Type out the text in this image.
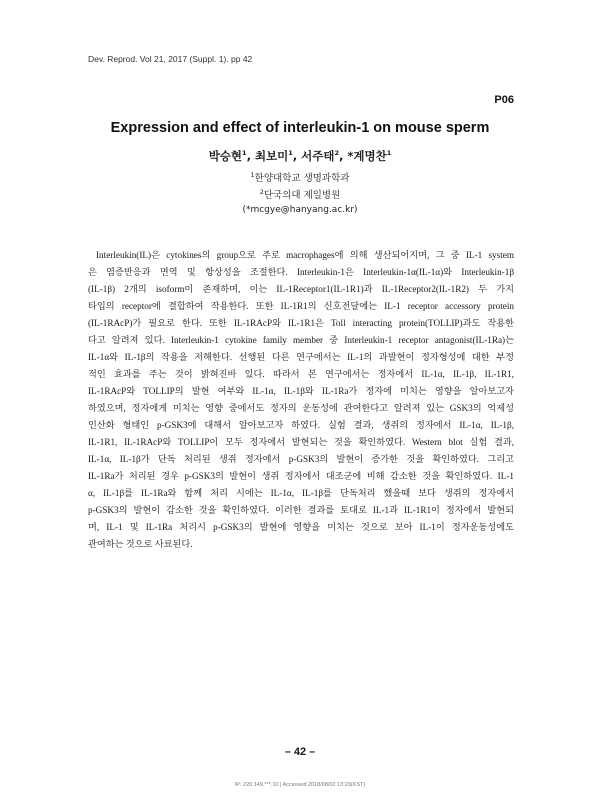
Dev. Reprod. Vol 21, 2017 (Suppl. 1). pp 42
P06
Expression and effect of interleukin-1 on mouse sperm
박승현$^1$, 최보미$^1$, 서주태$^2$, *계명찬$^1$
$^1$한양대학교 생명과학과
$^2$단국의대 제일병원
(*mcgye@hanyang.ac.kr)
Interleukin(IL)은 cytokines의 group으로 주로 macrophages에 의해 생산되어지며, 그 중 IL-1 system
은 염증반응과 면역 및 항상성을 조절한다. Interleukin-1은 Interleukin-1α(IL-1α)와 Interleukin-1β
(IL-1β) 2개의 isoform이 존재하며, 이는 IL-1Receptor1(IL-1R1)과 IL-1Receptor2(IL-1R2) 두 가지
타입의 receptor에 결합하여 작용한다. 또한 IL-1R1의 신호전달에는 IL-1 receptor accessory protein
(IL-1RAcP)가 필요로 한다. 또한 IL-1RAcP와 IL-1R1은 Toll interacting protein(TOLLIP)과도 작용한
다고 알려져 있다. Interleukin-1 cytokine family member 중 Interleukin-1 receptor antagonist(IL-1Ra)는
IL-1α와 IL-1β의 작용을 저해한다. 선행된 다른 연구에서는 IL-1의 과발현이 정자형성에 대한 부정
적인 효과를 주는 것이 밝혀진바 있다. 따라서 본 연구에서는 정자에서 IL-1α, IL-1β, IL-1R1,
IL-1RAcP와 TOLLIP의 발현 여부와 IL-1α, IL-1β와 IL-1Ra가 정자에 미치는 영향을 알아보고자
하였으며, 정자에게 미치는 영향 중에서도 정자의 운동성에 관여한다고 알려져 있는 GSK3의 억제성
인산화 형태인 p-GSK3에 대해서 알아보고자 하였다. 실험 결과, 생쥐의 정자에서 IL-1α, IL-1β,
IL-1R1, IL-1RAcP와 TOLLIP이 모두 정자에서 발현되는 것을 확인하였다. Western blot 실험 결과,
IL-1α, IL-1β가 단독 처리된 생쥐 정자에서 p-GSK3의 발현이 증가한 것을 확인하였다. 그리고
IL-1Ra가 처리된 경우 p-GSK3의 발현이 생쥐 정자에서 대조군에 비해 감소한 것을 확인하였다. IL-1
α, IL-1β를 IL-1Ra와 함께 처리 시에는 IL-1α, IL-1β를 단독처리 했을때 보다 생쥐의 정자에서
p-GSK3의 발현이 감소한 것을 확인하였다. 이러한 결과를 토대로 IL-1과 IL-1R1이 정자에서 발현되
며, IL-1 및 IL-1Ra 처리시 p-GSK3의 발현에 영향을 미치는 것으로 보아 IL-1이 정자운동성에도
관여하는 것으로 사료된다.
– 42 –
IP: 220.149.***.10 | Accessed 2018/08/02 13:23(KST)
